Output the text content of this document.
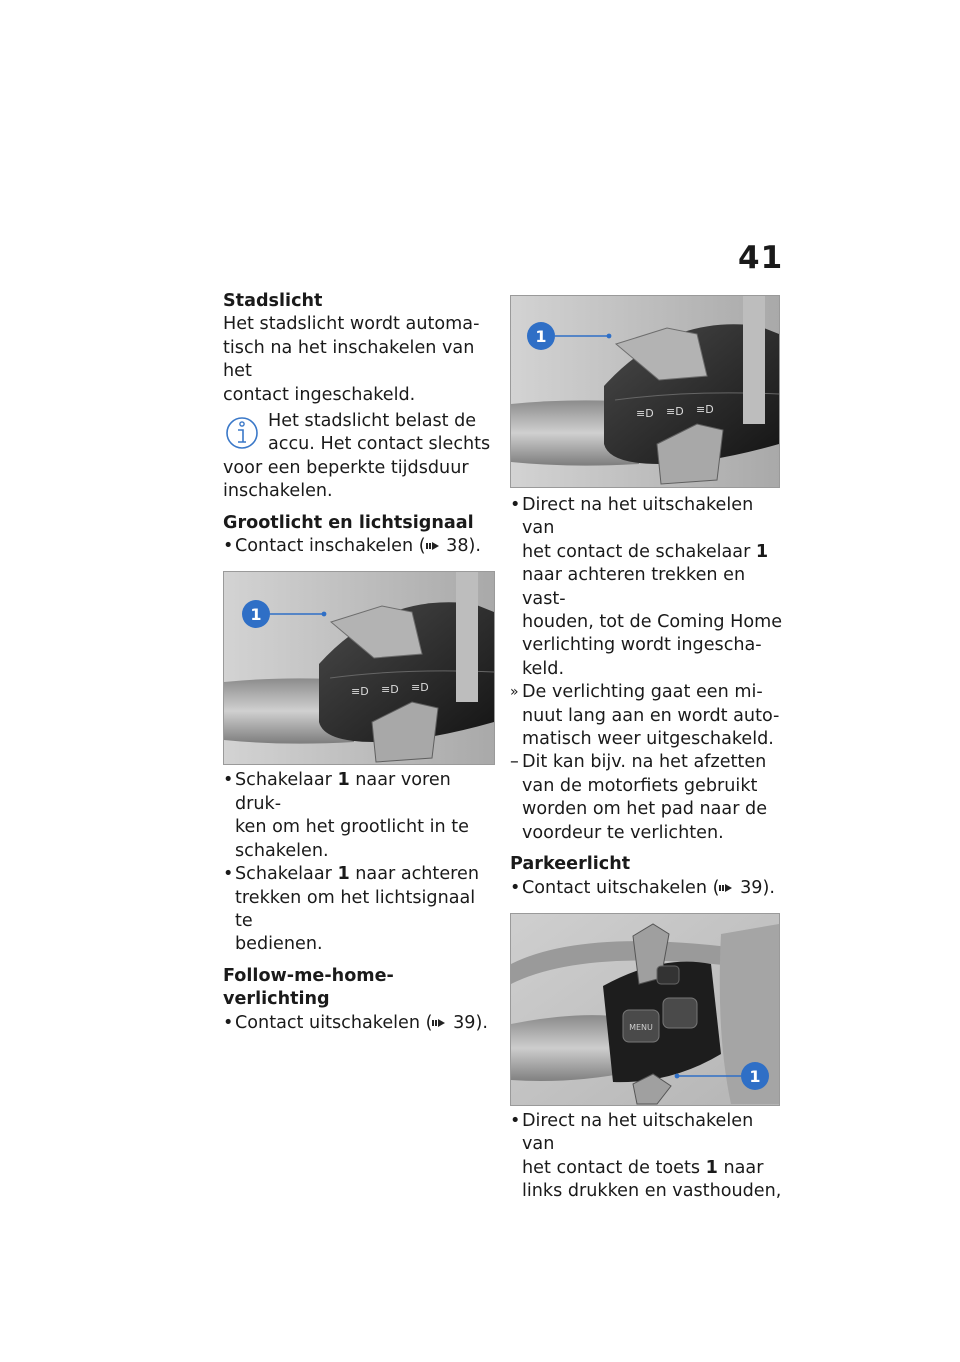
41

Stadslicht

Het stadslicht wordt automa-

tisch na het inschakelen van het

contact ingeschakeld.

Het stadslicht belast de
accu. Het contact slechts
voor een beperkte tijdsduur
inschakelen.

Grootlicht en lichtsignaal

• Contact inschakelen ( 38).

≡D ≡D ≡D
1

• Schakelaar 1 naar voren druk-
ken om het grootlicht in te
schakelen.

• Schakelaar 1 naar achteren
trekken om het lichtsignaal te
bedienen.

Follow-me-home-verlichting

• Contact uitschakelen ( 39).

≡D ≡D ≡D
1

• Direct na het uitschakelen van
het contact de schakelaar 1
naar achteren trekken en vast-
houden, tot de Coming Home
verlichting wordt ingescha-
keld.

» De verlichting gaat een mi-
nuut lang aan en wordt auto-
matisch weer uitgeschakeld.

– Dit kan bijv. na het afzetten
van de motorfiets gebruikt
worden om het pad naar de
voordeur te verlichten.

Parkeerlicht

• Contact uitschakelen ( 39).

MENU
1

• Direct na het uitschakelen van
het contact de toets 1 naar
links drukken en vasthouden,
